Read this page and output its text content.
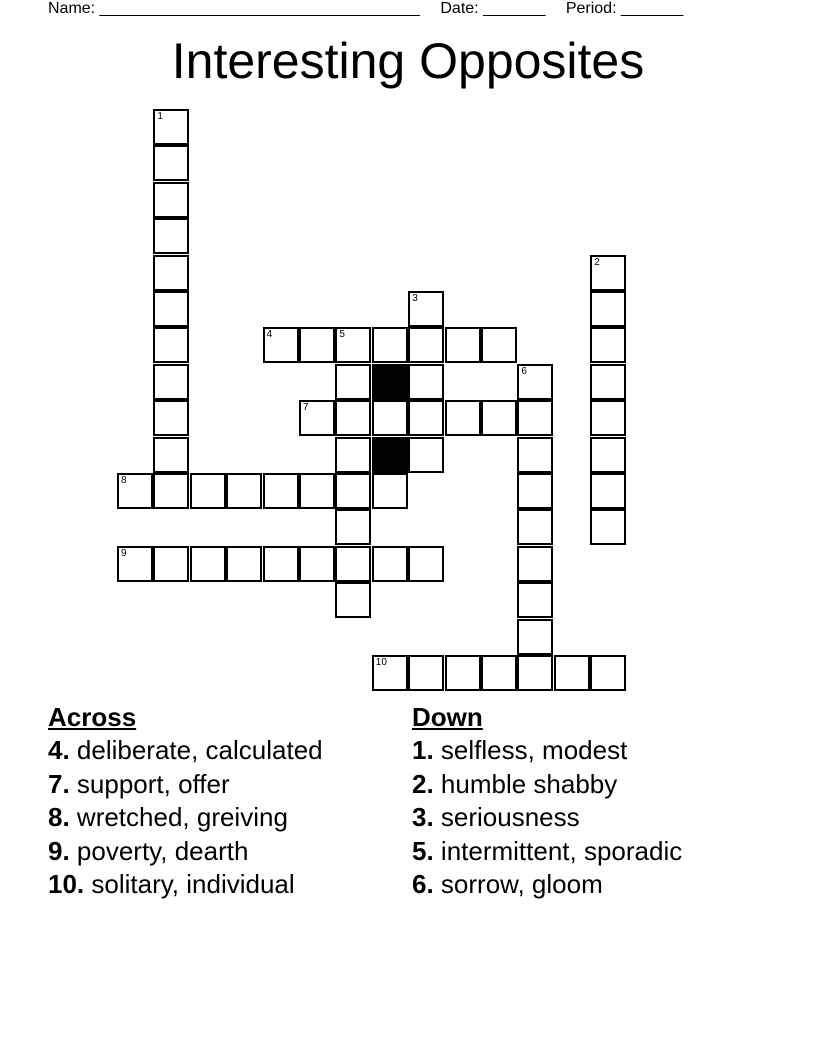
Name: ____________________________________ Date: _______ Period: _______
Interesting Opposites
1
2
3
4	5
6
7
8
9
10
Across
4. deliberate, calculated
7. support, offer
8. wretched, greiving
9. poverty, dearth
10. solitary, individual
Down
1. selfless, modest
2. humble shabby
3. seriousness
5. intermittent, sporadic
6. sorrow, gloom
